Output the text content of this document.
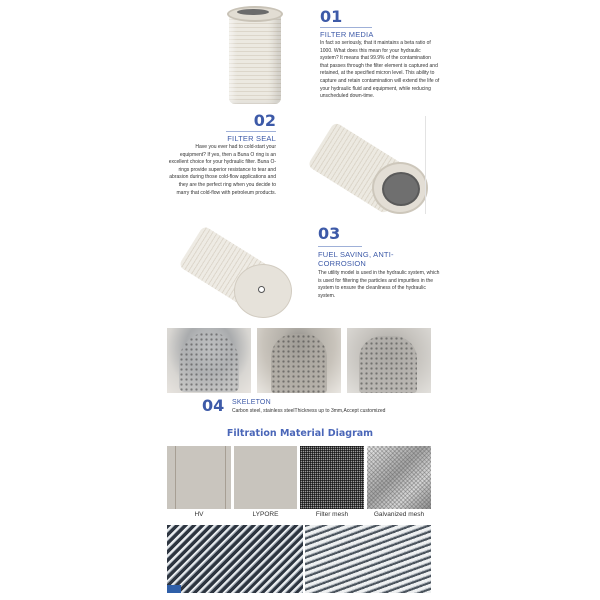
01
FILTER MEDIA
In fact so seriously, that it maintains a beta ratio of 1000. What does this mean for your hydraulic system? It means that 99.9% of the contamination that passes through the filter element is captured and retained, at the specified micron level. This ability to capture and retain contamination will extend the life of your hydraulic fluid and equipment, while reducing unscheduled down-time.
02
FILTER SEAL
Have you ever had to cold-start your equipment? If yes, then a Buna O ring is an excellent choice for your hydraulic filter. Buna O-rings provide superior resistance to tear and abrasion during those cold-flow applications and they are the perfect ring when you decide to marry that cold-flow with petroleum products.
03
FUEL SAVING, ANTI-CORROSION
The utility model is used in the hydraulic system, which is used for filtering the particles and impurities in the system to ensure the cleanliness of the hydraulic system.
04 SKELETON
Carbon steel, stainless steelThickness up to 3mm,Accept customized
Filtration Material Diagram
HV	LYPORE	Filter mesh	Galvanized mesh
